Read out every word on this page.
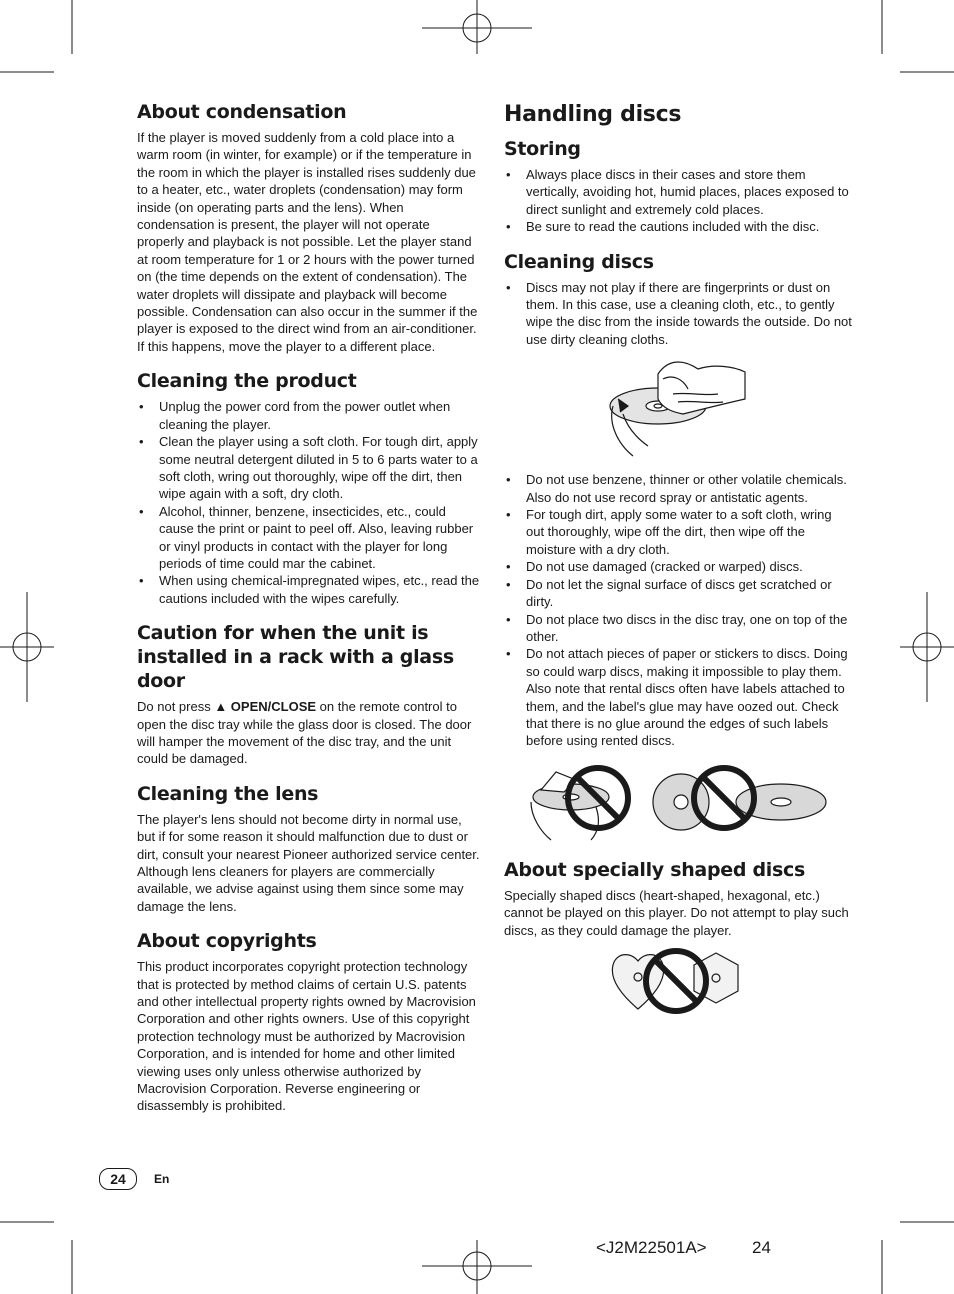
About condensation

If the player is moved suddenly from a cold place into a warm room (in winter, for example) or if the temperature in the room in which the player is installed rises suddenly due to a heater, etc., water droplets (condensation) may form inside (on operating parts and the lens). When condensation is present, the player will not operate properly and playback is not possible. Let the player stand at room temperature for 1 or 2 hours with the power turned on (the time depends on the extent of condensation). The water droplets will dissipate and playback will become possible. Condensation can also occur in the summer if the player is exposed to the direct wind from an air-conditioner. If this happens, move the player to a different place.

Cleaning the product
• Unplug the power cord from the power outlet when cleaning the player.
• Clean the player using a soft cloth. For tough dirt, apply some neutral detergent diluted in 5 to 6 parts water to a soft cloth, wring out thoroughly, wipe off the dirt, then wipe again with a soft, dry cloth.
• Alcohol, thinner, benzene, insecticides, etc., could cause the print or paint to peel off. Also, leaving rubber or vinyl products in contact with the player for long periods of time could mar the cabinet.
• When using chemical-impregnated wipes, etc., read the cautions included with the wipes carefully.
Caution for when the unit is installed in a rack with a glass door

Do not press ▲ OPEN/CLOSE on the remote control to open the disc tray while the glass door is closed. The door will hamper the movement of the disc tray, and the unit could be damaged.

Cleaning the lens

The player's lens should not become dirty in normal use, but if for some reason it should malfunction due to dust or dirt, consult your nearest Pioneer authorized service center. Although lens cleaners for players are commercially available, we advise against using them since some may damage the lens.

About copyrights

This product incorporates copyright protection technology that is protected by method claims of certain U.S. patents and other intellectual property rights owned by Macrovision Corporation and other rights owners. Use of this copyright protection technology must be authorized by Macrovision Corporation, and is intended for home and other limited viewing uses only unless otherwise authorized by Macrovision Corporation. Reverse engineering or disassembly is prohibited.

Handling discs
Storing
• Always place discs in their cases and store them vertically, avoiding hot, humid places, places exposed to direct sunlight and extremely cold places.
• Be sure to read the cautions included with the disc.
Cleaning discs
• Discs may not play if there are fingerprints or dust on them. In this case, use a cleaning cloth, etc., to gently wipe the disc from the inside towards the outside. Do not use dirty cleaning cloths.
• Do not use benzene, thinner or other volatile chemicals. Also do not use record spray or antistatic agents.
• For tough dirt, apply some water to a soft cloth, wring out thoroughly, wipe off the dirt, then wipe off the moisture with a dry cloth.
• Do not use damaged (cracked or warped) discs.
• Do not let the signal surface of discs get scratched or dirty.
• Do not place two discs in the disc tray, one on top of the other.
• Do not attach pieces of paper or stickers to discs. Doing so could warp discs, making it impossible to play them. Also note that rental discs often have labels attached to them, and the label's glue may have oozed out. Check that there is no glue around the edges of such labels before using rented discs.
About specially shaped discs

Specially shaped discs (heart-shaped, hexagonal, etc.) cannot be played on this player. Do not attempt to play such discs, as they could damage the player.

24	En
<J2M22501A>	24
